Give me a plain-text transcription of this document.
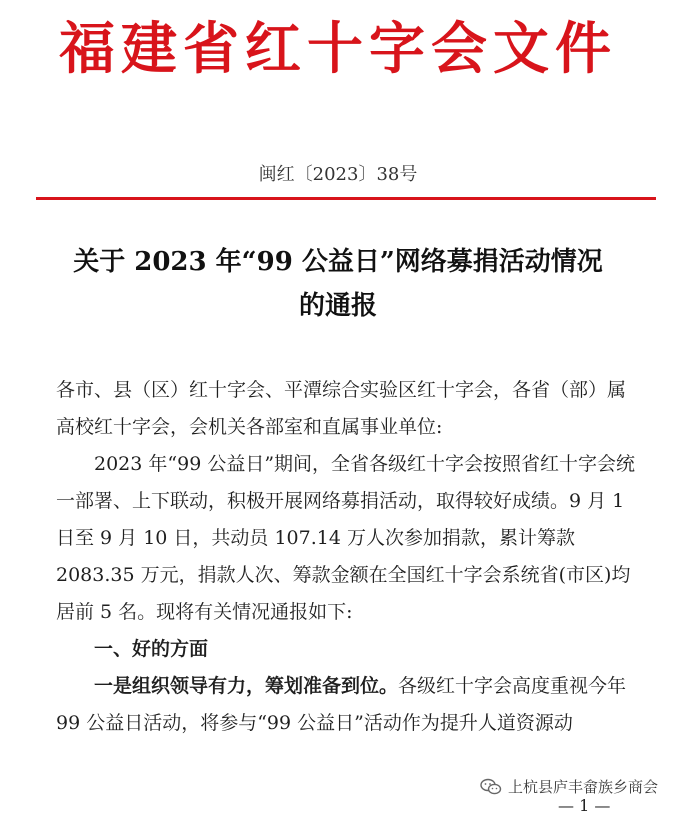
福建省红十字会文件
闽红〔2023〕38号
关于 2023 年“99 公益日”网络募捐活动情况
的通报

各市、县（区）红十字会、平潭综合实验区红十字会，各省（部）属高校红十字会，会机关各部室和直属事业单位:

2023 年“99 公益日”期间，全省各级红十字会按照省红十字会统一部署、上下联动，积极开展网络募捐活动，取得较好成绩。9 月 1 日至 9 月 10 日，共动员 107.14 万人次参加捐款，累计筹款 2083.35 万元，捐款人次、筹款金额在全国红十字会系统省(市区)均居前 5 名。现将有关情况通报如下:

一、好的方面

一是组织领导有力，筹划准备到位。各级红十字会高度重视今年 99 公益日活动，将参与“99 公益日”活动作为提升人道资源动

上杭县庐丰畲族乡商会
— 1 —
